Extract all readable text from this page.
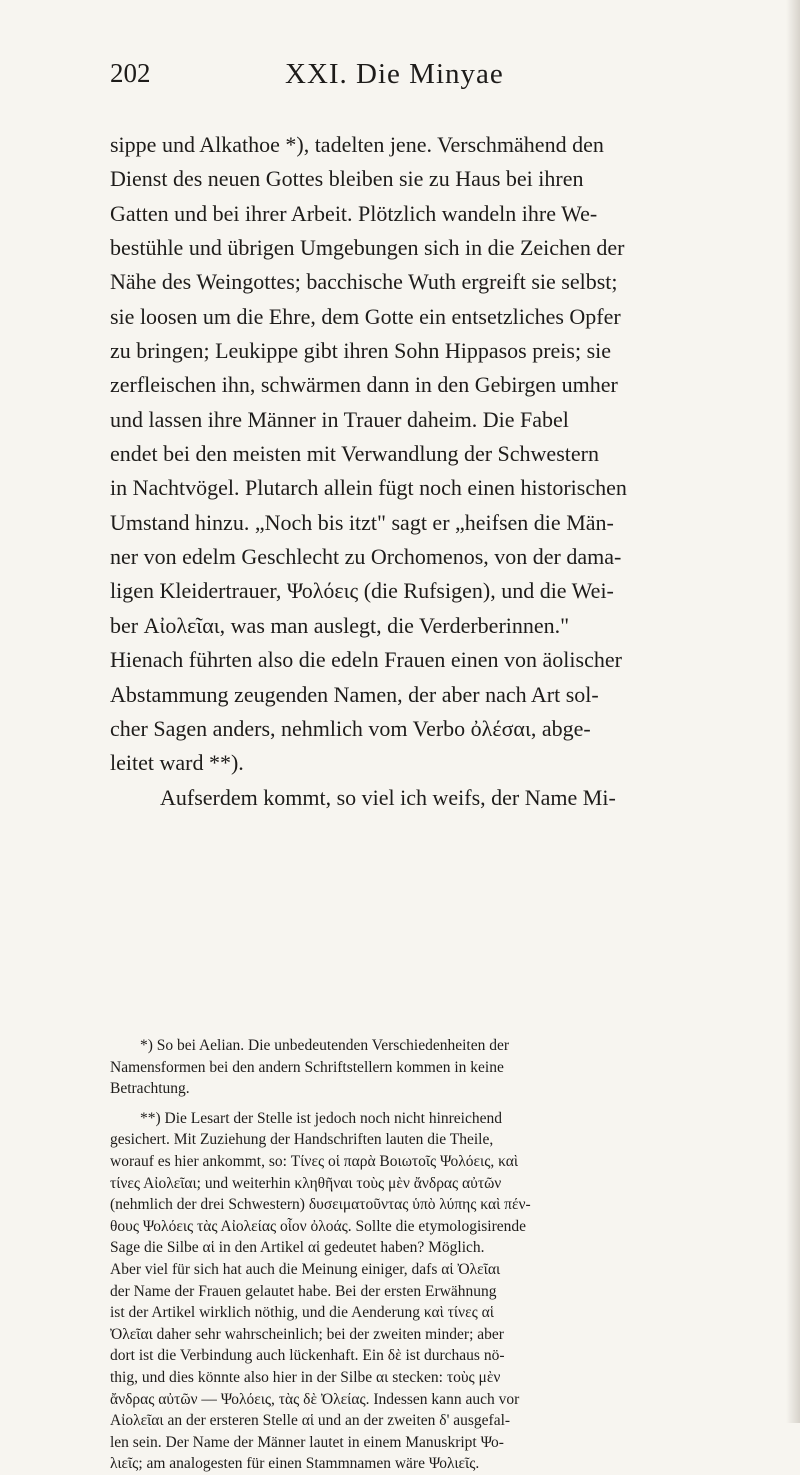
202	XXI. Die Minyae
sippe und Alkathoe *), tadelten jene. Verschmähend den
Dienst des neuen Gottes bleiben sie zu Haus bei ihren
Gatten und bei ihrer Arbeit. Plötzlich wandeln ihre We-
bestühle und übrigen Umgebungen sich in die Zeichen der
Nähe des Weingottes; bacchische Wuth ergreift sie selbst;
sie loosen um die Ehre, dem Gotte ein entsetzliches Opfer
zu bringen; Leukippe gibt ihren Sohn Hippasos preis; sie
zerfleischen ihn, schwärmen dann in den Gebirgen umher
und lassen ihre Männer in Trauer daheim. Die Fabel
endet bei den meisten mit Verwandlung der Schwestern
in Nachtvögel. Plutarch allein fügt noch einen historischen
Umstand hinzu. „Noch bis itzt" sagt er „heifsen die Män-
ner von edelm Geschlecht zu Orchomenos, von der dama-
ligen Kleidertrauer, Ψολόεις (die Rufsigen), und die Wei-
ber Αἰολεῖαι, was man auslegt, die Verderberinnen."
Hienach führten also die edeln Frauen einen von äolischer
Abstammung zeugenden Namen, der aber nach Art sol-
cher Sagen anders, nehmlich vom Verbo ὀλέσαι, abge-
leitet ward **).
Aufserdem kommt, so viel ich weifs, der Name Mi-
*) So bei Aelian. Die unbedeutenden Verschiedenheiten der
Namensformen bei den andern Schriftstellern kommen in keine
Betrachtung.
**) Die Lesart der Stelle ist jedoch noch nicht hinreichend
gesichert. Mit Zuziehung der Handschriften lauten die Theile,
worauf es hier ankommt, so: Τίνες οἱ παρὰ Βοιωτοῖς Ψολόεις, καὶ
τίνες Αἰολεῖαι; und weiterhin κληθῆναι τοὺς μὲν ἄνδρας αὐτῶν
(nehmlich der drei Schwestern) δυσειματοῦντας ὑπὸ λύπης καὶ πέν-
θους Ψολόεις τὰς Αἰολείας οἷον ὀλοάς. Sollte die etymologisirende
Sage die Silbe αἱ in den Artikel αἱ gedeutet haben? Möglich.
Aber viel für sich hat auch die Meinung einiger, dafs αἱ Ὀλεῖαι
der Name der Frauen gelautet habe. Bei der ersten Erwähnung
ist der Artikel wirklich nöthig, und die Aenderung καὶ τίνες αἱ
Ὀλεῖαι daher sehr wahrscheinlich; bei der zweiten minder; aber
dort ist die Verbindung auch lückenhaft. Ein δὲ ist durchaus nö-
thig, und dies könnte also hier in der Silbe αι stecken: τοὺς μὲν
ἄνδρας αὐτῶν — Ψολόεις, τὰς δὲ Ὀλείας. Indessen kann auch vor
Αἰολεῖαι an der ersteren Stelle αἱ und an der zweiten δ' ausgefal-
len sein. Der Name der Männer lautet in einem Manuskript Ψο-
λιεῖς; am analogesten für einen Stammnamen wäre Ψολιεῖς.
